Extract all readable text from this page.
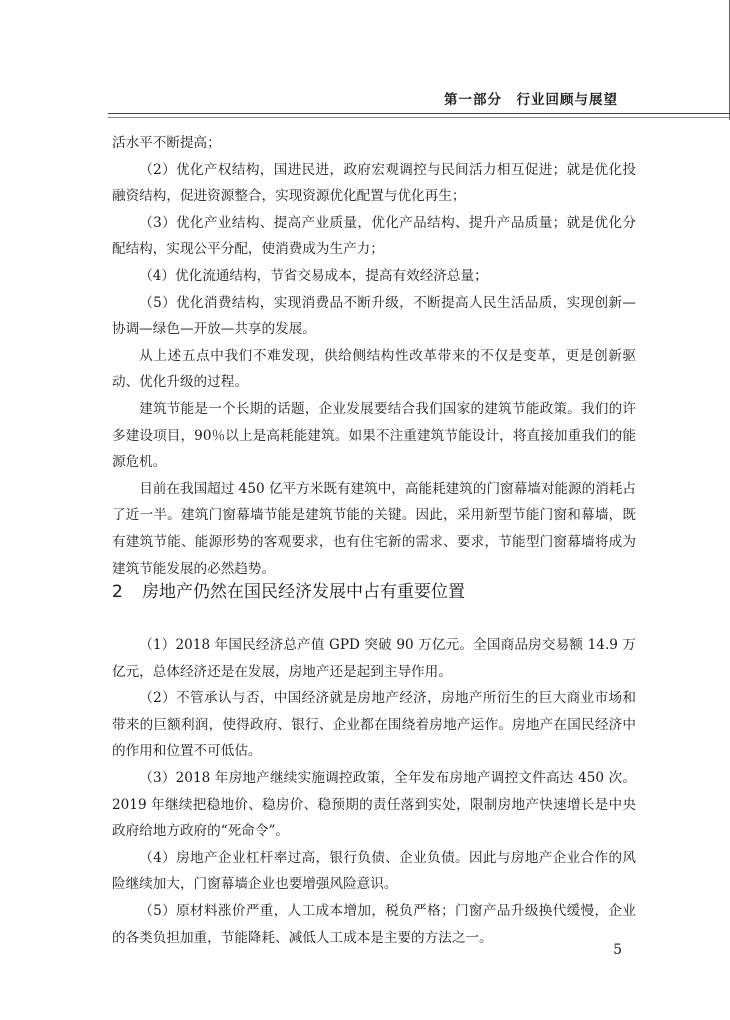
第一部分　行业回顾与展望

活水平不断提高；

（2）优化产权结构，国进民进，政府宏观调控与民间活力相互促进；就是优化投融资结构，促进资源整合，实现资源优化配置与优化再生；

（3）优化产业结构、提高产业质量，优化产品结构、提升产品质量；就是优化分配结构，实现公平分配，使消费成为生产力；

（4）优化流通结构，节省交易成本，提高有效经济总量；

（5）优化消费结构，实现消费品不断升级，不断提高人民生活品质，实现创新—协调—绿色—开放—共享的发展。

从上述五点中我们不难发现，供给侧结构性改革带来的不仅是变革，更是创新驱动、优化升级的过程。

建筑节能是一个长期的话题，企业发展要结合我们国家的建筑节能政策。我们的许多建设项目，90％以上是高耗能建筑。如果不注重建筑节能设计，将直接加重我们的能源危机。

目前在我国超过 450 亿平方米既有建筑中，高能耗建筑的门窗幕墙对能源的消耗占了近一半。建筑门窗幕墙节能是建筑节能的关键。因此，采用新型节能门窗和幕墙，既有建筑节能、能源形势的客观要求，也有住宅新的需求、要求，节能型门窗幕墙将成为建筑节能发展的必然趋势。

2 房地产仍然在国民经济发展中占有重要位置

（1）2018 年国民经济总产值 GPD 突破 90 万亿元。全国商品房交易额 14.9 万亿元，总体经济还是在发展，房地产还是起到主导作用。

（2）不管承认与否，中国经济就是房地产经济，房地产所衍生的巨大商业市场和带来的巨额利润，使得政府、银行、企业都在围绕着房地产运作。房地产在国民经济中的作用和位置不可低估。

（3）2018 年房地产继续实施调控政策，全年发布房地产调控文件高达 450 次。2019 年继续把稳地价、稳房价、稳预期的责任落到实处，限制房地产快速增长是中央政府给地方政府的“死命令”。

（4）房地产企业杠杆率过高，银行负债、企业负债。因此与房地产企业合作的风险继续加大，门窗幕墙企业也要增强风险意识。

（5）原材料涨价严重，人工成本增加，税负严格；门窗产品升级换代缓慢，企业的各类负担加重，节能降耗、减低人工成本是主要的方法之一。

5
